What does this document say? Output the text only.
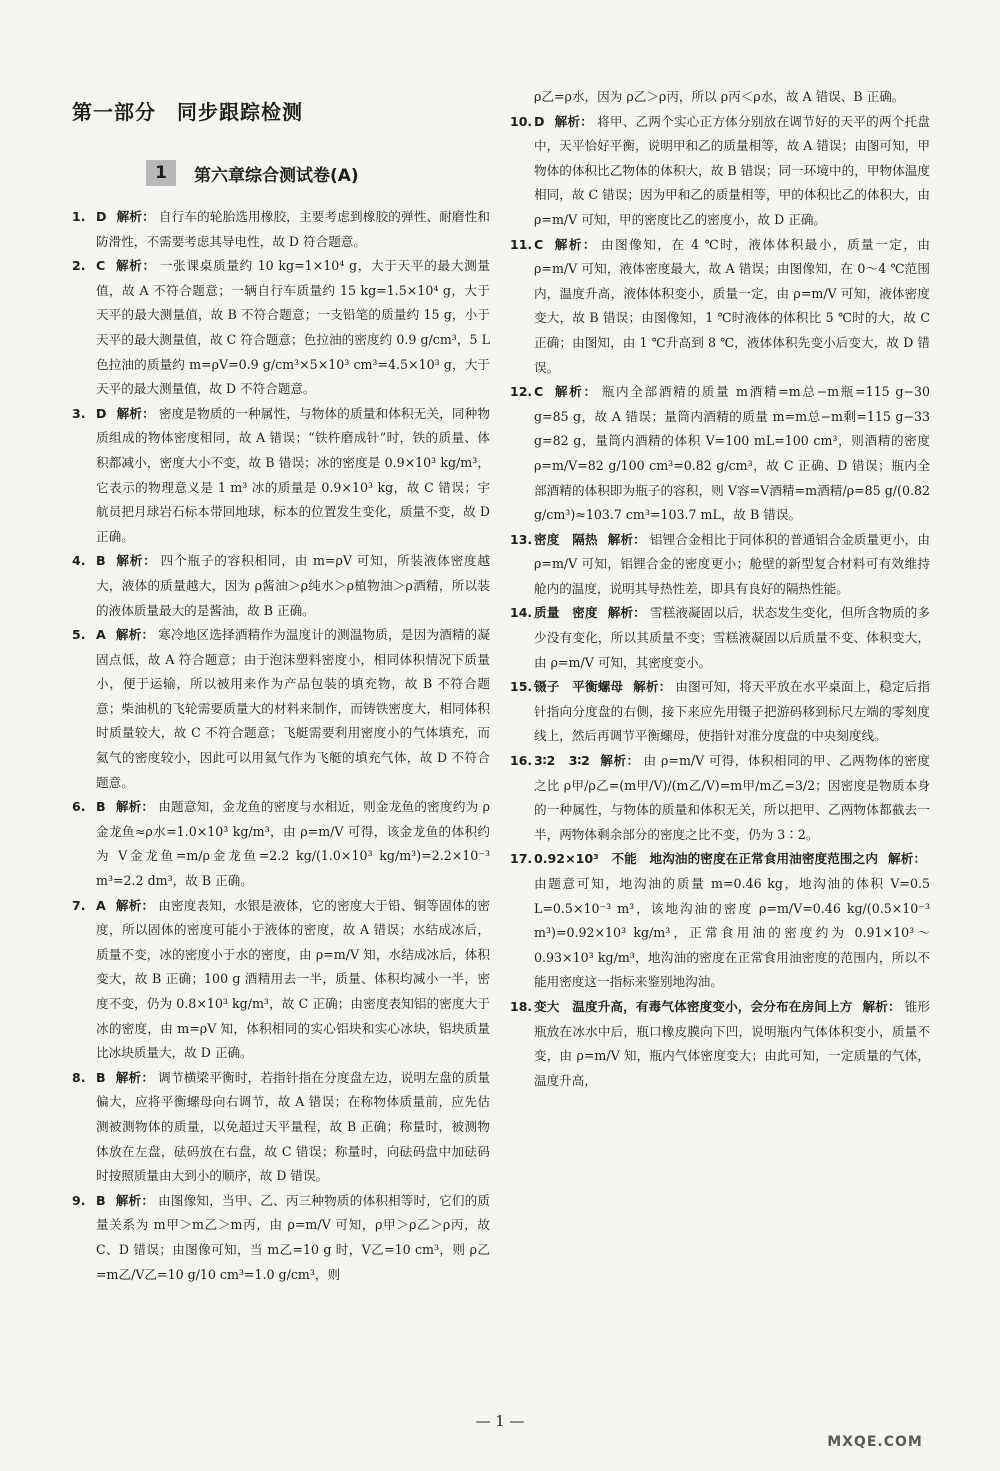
第一部分　同步跟踪检测
1	第六章综合测试卷(A)
1. D 解析： 自行车的轮胎选用橡胶，主要考虑到橡胶的弹性、耐磨性和防滑性，不需要考虑其导电性，故 D 符合题意。
2. C 解析： 一张课桌质量约 10 kg=1×10⁴ g，大于天平的最大测量值，故 A 不符合题意；一辆自行车质量约 15 kg=1.5×10⁴ g，大于天平的最大测量值，故 B 不符合题意；一支铅笔的质量约 15 g，小于天平的最大测量值，故 C 符合题意；色拉油的密度约 0.9 g/cm³，5 L 色拉油的质量约 m=ρV=0.9 g/cm³×5×10³ cm³=4.5×10³ g，大于天平的最大测量值，故 D 不符合题意。
3. D 解析： 密度是物质的一种属性，与物体的质量和体积无关，同种物质组成的物体密度相同，故 A 错误；“铁杵磨成针”时，铁的质量、体积都减小，密度大小不变，故 B 错误；冰的密度是 0.9×10³ kg/m³，它表示的物理意义是 1 m³ 冰的质量是 0.9×10³ kg，故 C 错误；宇航员把月球岩石标本带回地球，标本的位置发生变化，质量不变，故 D 正确。
4. B 解析： 四个瓶子的容积相同，由 m=ρV 可知，所装液体密度越大，液体的质量越大，因为 ρ酱油＞ρ纯水＞ρ植物油＞ρ酒精，所以装的液体质量最大的是酱油，故 B 正确。
5. A 解析： 寒冷地区选择酒精作为温度计的测温物质，是因为酒精的凝固点低，故 A 符合题意；由于泡沫塑料密度小，相同体积情况下质量小，便于运输，所以被用来作为产品包装的填充物，故 B 不符合题意；柴油机的飞轮需要质量大的材料来制作，而铸铁密度大，相同体积时质量较大，故 C 不符合题意；飞艇需要利用密度小的气体填充，而氦气的密度较小，因此可以用氦气作为飞艇的填充气体，故 D 不符合题意。
6. B 解析： 由题意知，金龙鱼的密度与水相近，则金龙鱼的密度约为 ρ金龙鱼≈ρ水=1.0×10³ kg/m³，由 ρ=m/V 可得，该金龙鱼的体积约为 V金龙鱼=m/ρ金龙鱼=2.2 kg/(1.0×10³ kg/m³)=2.2×10⁻³ m³=2.2 dm³，故 B 正确。
7. A 解析： 由密度表知，水银是液体，它的密度大于铅、铜等固体的密度，所以固体的密度可能小于液体的密度，故 A 错误；水结成冰后，质量不变，冰的密度小于水的密度，由 ρ=m/V 知，水结成冰后，体积变大，故 B 正确；100 g 酒精用去一半，质量、体积均减小一半，密度不变，仍为 0.8×10³ kg/m³，故 C 正确；由密度表知铝的密度大于冰的密度，由 m=ρV 知，体积相同的实心铝块和实心冰块，铝块质量比冰块质量大，故 D 正确。
8. B 解析： 调节横梁平衡时，若指针指在分度盘左边，说明左盘的质量偏大，应将平衡螺母向右调节，故 A 错误；在称物体质量前，应先估测被测物体的质量，以免超过天平量程，故 B 正确；称量时，被测物体放在左盘，砝码放在右盘，故 C 错误；称量时，向砝码盘中加砝码时按照质量由大到小的顺序，故 D 错误。
9. B 解析： 由图像知，当甲、乙、丙三种物质的体积相等时，它们的质量关系为 m甲＞m乙＞m丙，由 ρ=m/V 可知，ρ甲＞ρ乙＞ρ丙，故 C、D 错误；由图像可知，当 m乙=10 g 时，V乙=10 cm³，则 ρ乙=m乙/V乙=10 g/10 cm³=1.0 g/cm³，则
ρ乙=ρ水，因为 ρ乙＞ρ丙，所以 ρ丙＜ρ水，故 A 错误、B 正确。
10. D 解析： 将甲、乙两个实心正方体分别放在调节好的天平的两个托盘中，天平恰好平衡，说明甲和乙的质量相等，故 A 错误；由图可知，甲物体的体积比乙物体的体积大，故 B 错误；同一环境中的，甲物体温度相同，故 C 错误；因为甲和乙的质量相等，甲的体积比乙的体积大，由 ρ=m/V 可知，甲的密度比乙的密度小，故 D 正确。
11. C 解析： 由图像知，在 4 ℃时，液体体积最小，质量一定，由 ρ=m/V 可知，液体密度最大，故 A 错误；由图像知，在 0～4 ℃范围内，温度升高，液体体积变小，质量一定，由 ρ=m/V 可知，液体密度变大，故 B 错误；由图像知，1 ℃时液体的体积比 5 ℃时的大，故 C 正确；由图知，由 1 ℃升高到 8 ℃，液体体积先变小后变大，故 D 错误。
12. C 解析： 瓶内全部酒精的质量 m酒精=m总−m瓶=115 g−30 g=85 g，故 A 错误；量筒内酒精的质量 m=m总−m剩=115 g−33 g=82 g，量筒内酒精的体积 V=100 mL=100 cm³，则酒精的密度 ρ=m/V=82 g/100 cm³=0.82 g/cm³，故 C 正确、D 错误；瓶内全部酒精的体积即为瓶子的容积，则 V容=V酒精=m酒精/ρ=85 g/(0.82 g/cm³)≈103.7 cm³=103.7 mL，故 B 错误。
13. 密度　隔热 解析： 铝锂合金相比于同体积的普通铝合金质量更小，由 ρ=m/V 可知，铝锂合金的密度更小；舱壁的新型复合材料可有效维持舱内的温度，说明其导热性差，即具有良好的隔热性能。
14. 质量　密度 解析： 雪糕液凝固以后，状态发生变化，但所含物质的多少没有变化，所以其质量不变；雪糕液凝固以后质量不变、体积变大，由 ρ=m/V 可知，其密度变小。
15. 镊子　平衡螺母 解析： 由图可知，将天平放在水平桌面上，稳定后指针指向分度盘的右侧，接下来应先用镊子把游码移到标尺左端的零刻度线上，然后再调节平衡螺母，使指针对准分度盘的中央刻度线。
16. 3∶2　3∶2 解析： 由 ρ=m/V 可得，体积相同的甲、乙两物体的密度之比 ρ甲/ρ乙=(m甲/V)/(m乙/V)=m甲/m乙=3/2；因密度是物质本身的一种属性，与物体的质量和体积无关，所以把甲、乙两物体都截去一半，两物体剩余部分的密度之比不变，仍为 3∶2。
17. 0.92×10³　不能　地沟油的密度在正常食用油密度范围之内 解析：由题意可知，地沟油的质量 m=0.46 kg，地沟油的体积 V=0.5 L=0.5×10⁻³ m³，该地沟油的密度 ρ=m/V=0.46 kg/(0.5×10⁻³ m³)=0.92×10³ kg/m³，正常食用油的密度约为 0.91×10³～0.93×10³ kg/m³，地沟油的密度在正常食用油密度的范围内，所以不能用密度这一指标来鉴别地沟油。
18. 变大　温度升高，有毒气体密度变小，会分布在房间上方 解析： 锥形瓶放在冰水中后，瓶口橡皮膜向下凹，说明瓶内气体体积变小，质量不变，由 ρ=m/V 知，瓶内气体密度变大；由此可知，一定质量的气体，温度升高，
— 1 —
MXQE.COM
